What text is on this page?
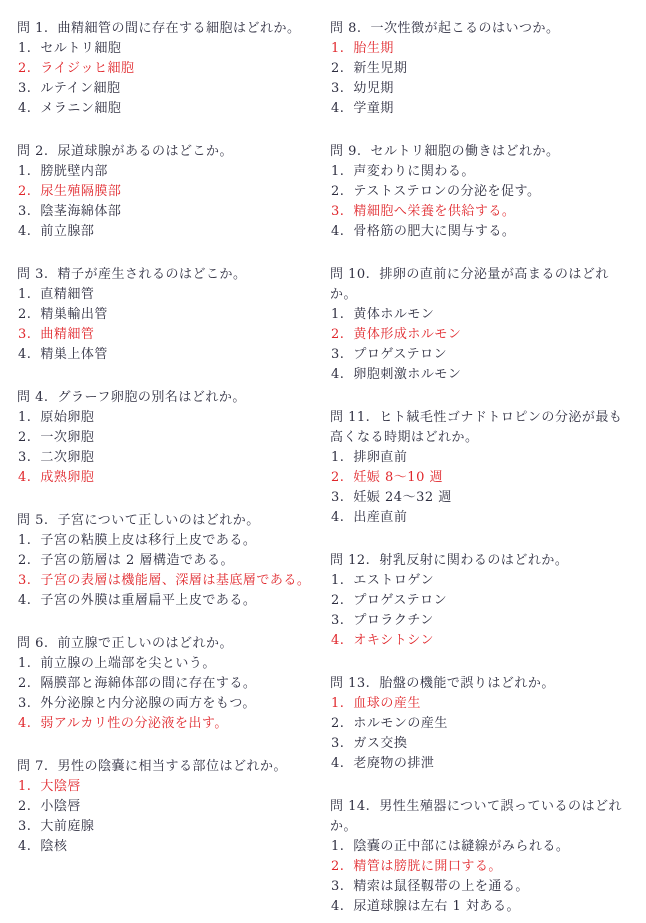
問 1. 曲精細管の間に存在する細胞はどれか。

1. セルトリ細胞

2. ライジッヒ細胞

3. ルテイン細胞

4. メラニン細胞

問 2. 尿道球腺があるのはどこか。

1. 膀胱壁内部

2. 尿生殖隔膜部

3. 陰茎海綿体部

4. 前立腺部

問 3. 精子が産生されるのはどこか。

1. 直精細管

2. 精巣輸出管

3. 曲精細管

4. 精巣上体管

問 4. グラーフ卵胞の別名はどれか。

1. 原始卵胞

2. 一次卵胞

3. 二次卵胞

4. 成熟卵胞

問 5. 子宮について正しいのはどれか。

1. 子宮の粘膜上皮は移行上皮である。

2. 子宮の筋層は 2 層構造である。

3. 子宮の表層は機能層、深層は基底層である。

4. 子宮の外膜は重層扁平上皮である。

問 6. 前立腺で正しいのはどれか。

1. 前立腺の上端部を尖という。

2. 隔膜部と海綿体部の間に存在する。

3. 外分泌腺と内分泌腺の両方をもつ。

4. 弱アルカリ性の分泌液を出す。

問 7. 男性の陰嚢に相当する部位はどれか。

1. 大陰唇

2. 小陰唇

3. 大前庭腺

4. 陰核

問 8. 一次性徴が起こるのはいつか。

1. 胎生期

2. 新生児期

3. 幼児期

4. 学童期

問 9. セルトリ細胞の働きはどれか。

1. 声変わりに関わる。

2. テストステロンの分泌を促す。

3. 精細胞へ栄養を供給する。

4. 骨格筋の肥大に関与する。

問 10. 排卵の直前に分泌量が高まるのはどれか。

1. 黄体ホルモン

2. 黄体形成ホルモン

3. プロゲステロン

4. 卵胞刺激ホルモン

問 11. ヒト絨毛性ゴナドトロピンの分泌が最も高くなる時期はどれか。

1. 排卵直前

2. 妊娠 8～10 週

3. 妊娠 24～32 週

4. 出産直前

問 12. 射乳反射に関わるのはどれか。

1. エストロゲン

2. プロゲステロン

3. プロラクチン

4. オキシトシン

問 13. 胎盤の機能で誤りはどれか。

1. 血球の産生

2. ホルモンの産生

3. ガス交換

4. 老廃物の排泄

問 14. 男性生殖器について誤っているのはどれか。

1. 陰嚢の正中部には縫線がみられる。

2. 精管は膀胱に開口する。

3. 精索は鼠径靱帯の上を通る。

4. 尿道球腺は左右 1 対ある。
